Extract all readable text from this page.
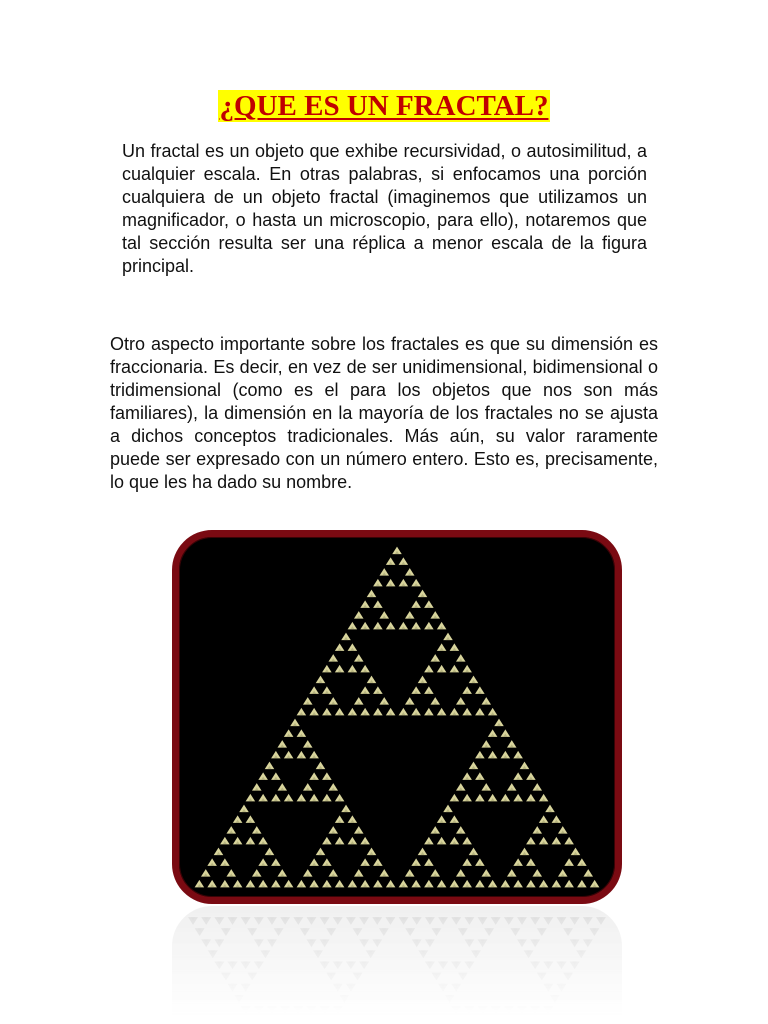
¿QUE ES UN FRACTAL?

Un fractal es un objeto que exhibe recursividad, o autosimilitud, a cualquier escala. En otras palabras, si enfocamos una porción cualquiera de un objeto fractal (imaginemos que utilizamos un magnificador, o hasta un microscopio, para ello), notaremos que tal sección resulta ser una réplica a menor escala de la figura principal.

Otro aspecto importante sobre los fractales es que su dimensión es fraccionaria. Es decir, en vez de ser unidimensional, bidimensional o tridimensional (como es el para los objetos que nos son más familiares), la dimensión en la mayoría de los fractales no se ajusta a dichos conceptos tradicionales. Más aún, su valor raramente puede ser expresado con un número entero. Esto es, precisamente, lo que les ha dado su nombre.
